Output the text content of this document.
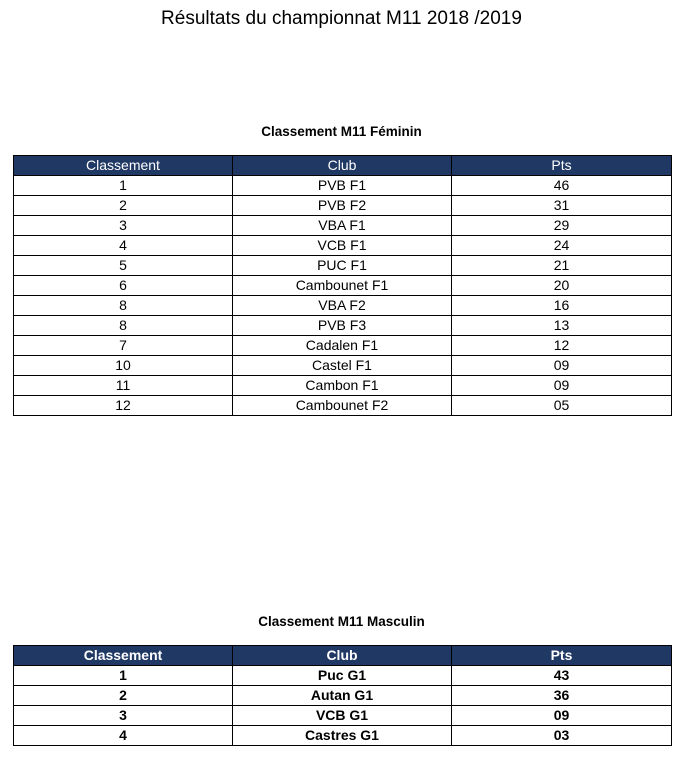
Résultats du championnat M11 2018 /2019
Classement M11 Féminin
Classement	Club	Pts
1	PVB F1	46
2	PVB F2	31
3	VBA F1	29
4	VCB F1	24
5	PUC F1	21
6	Cambounet F1	20
8	VBA F2	16
8	PVB F3	13
7	Cadalen F1	12
10	Castel F1	09
11	Cambon F1	09
12	Cambounet F2	05
Classement M11 Masculin
Classement	Club	Pts
1	Puc G1	43
2	Autan G1	36
3	VCB G1	09
4	Castres G1	03
